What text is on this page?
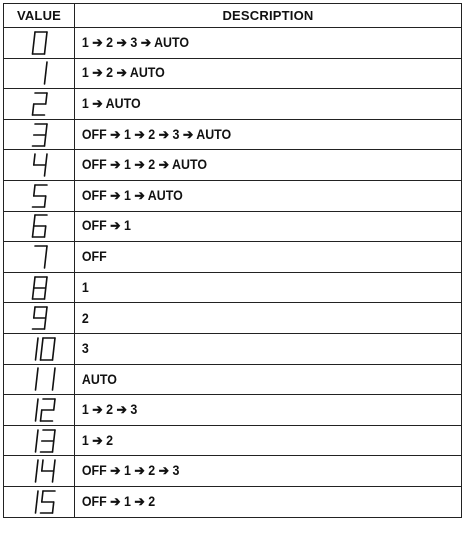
VALUE	DESCRIPTION

	1 ➔ 2 ➔ 3 ➔ AUTO

	1 ➔ 2 ➔ AUTO

	1 ➔ AUTO

	OFF ➔ 1 ➔ 2 ➔ 3 ➔ AUTO

	OFF ➔ 1 ➔ 2 ➔ AUTO

	OFF ➔ 1 ➔ AUTO

	OFF ➔ 1

	OFF

	1

	2

	3

	AUTO

	1 ➔ 2 ➔ 3

	1 ➔ 2

	OFF ➔ 1 ➔ 2 ➔ 3

	OFF ➔ 1 ➔ 2
